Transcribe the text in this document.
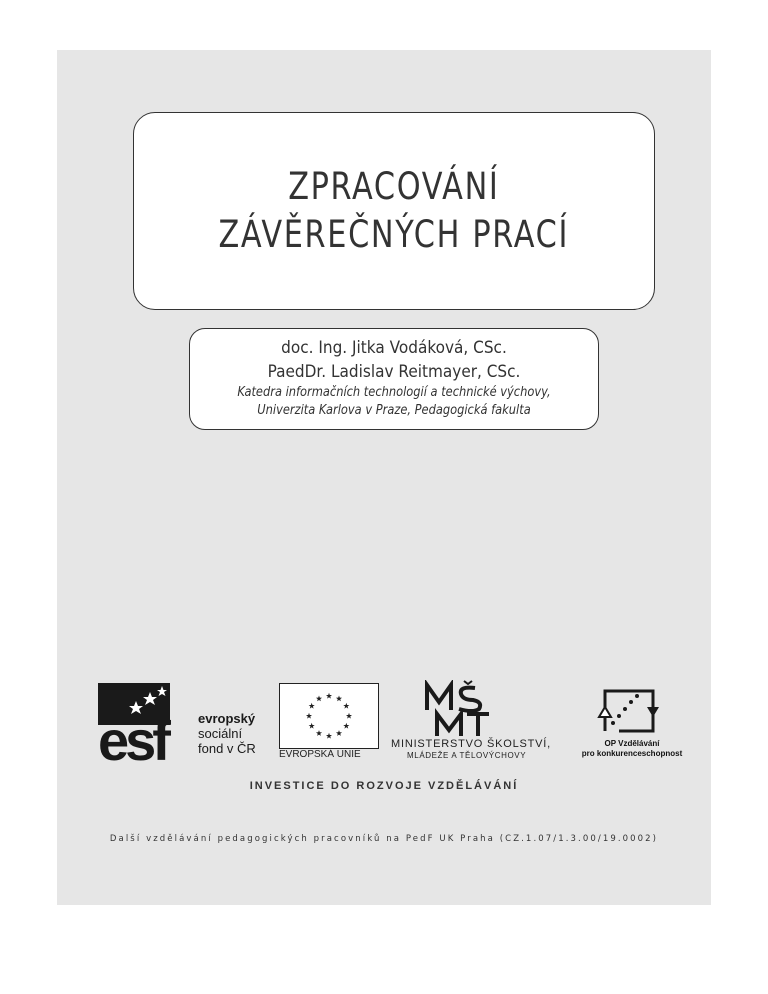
ZPRACOVÁNÍ
ZÁVĚREČNÝCH PRACÍ
doc. Ing. Jitka Vodáková, CSc.
PaedDr. Ladislav Reitmayer, CSc.
Katedra informačních technologií a technické výchovy,
Univerzita Karlova v Praze, Pedagogická fakulta
esf	evropský
sociální
fond v ČR EVROPSKÁ UNIE
MINISTERSTVO ŠKOLSTVÍ,
MLÁDEŽE A TĚLOVÝCHOVY
OP Vzdělávání
pro konkurenceschopnost
INVESTICE DO ROZVOJE VZDĚLÁVÁNÍ
Další vzdělávání pedagogických pracovníků na PedF UK Praha (CZ.1.07/1.3.00/19.0002)
